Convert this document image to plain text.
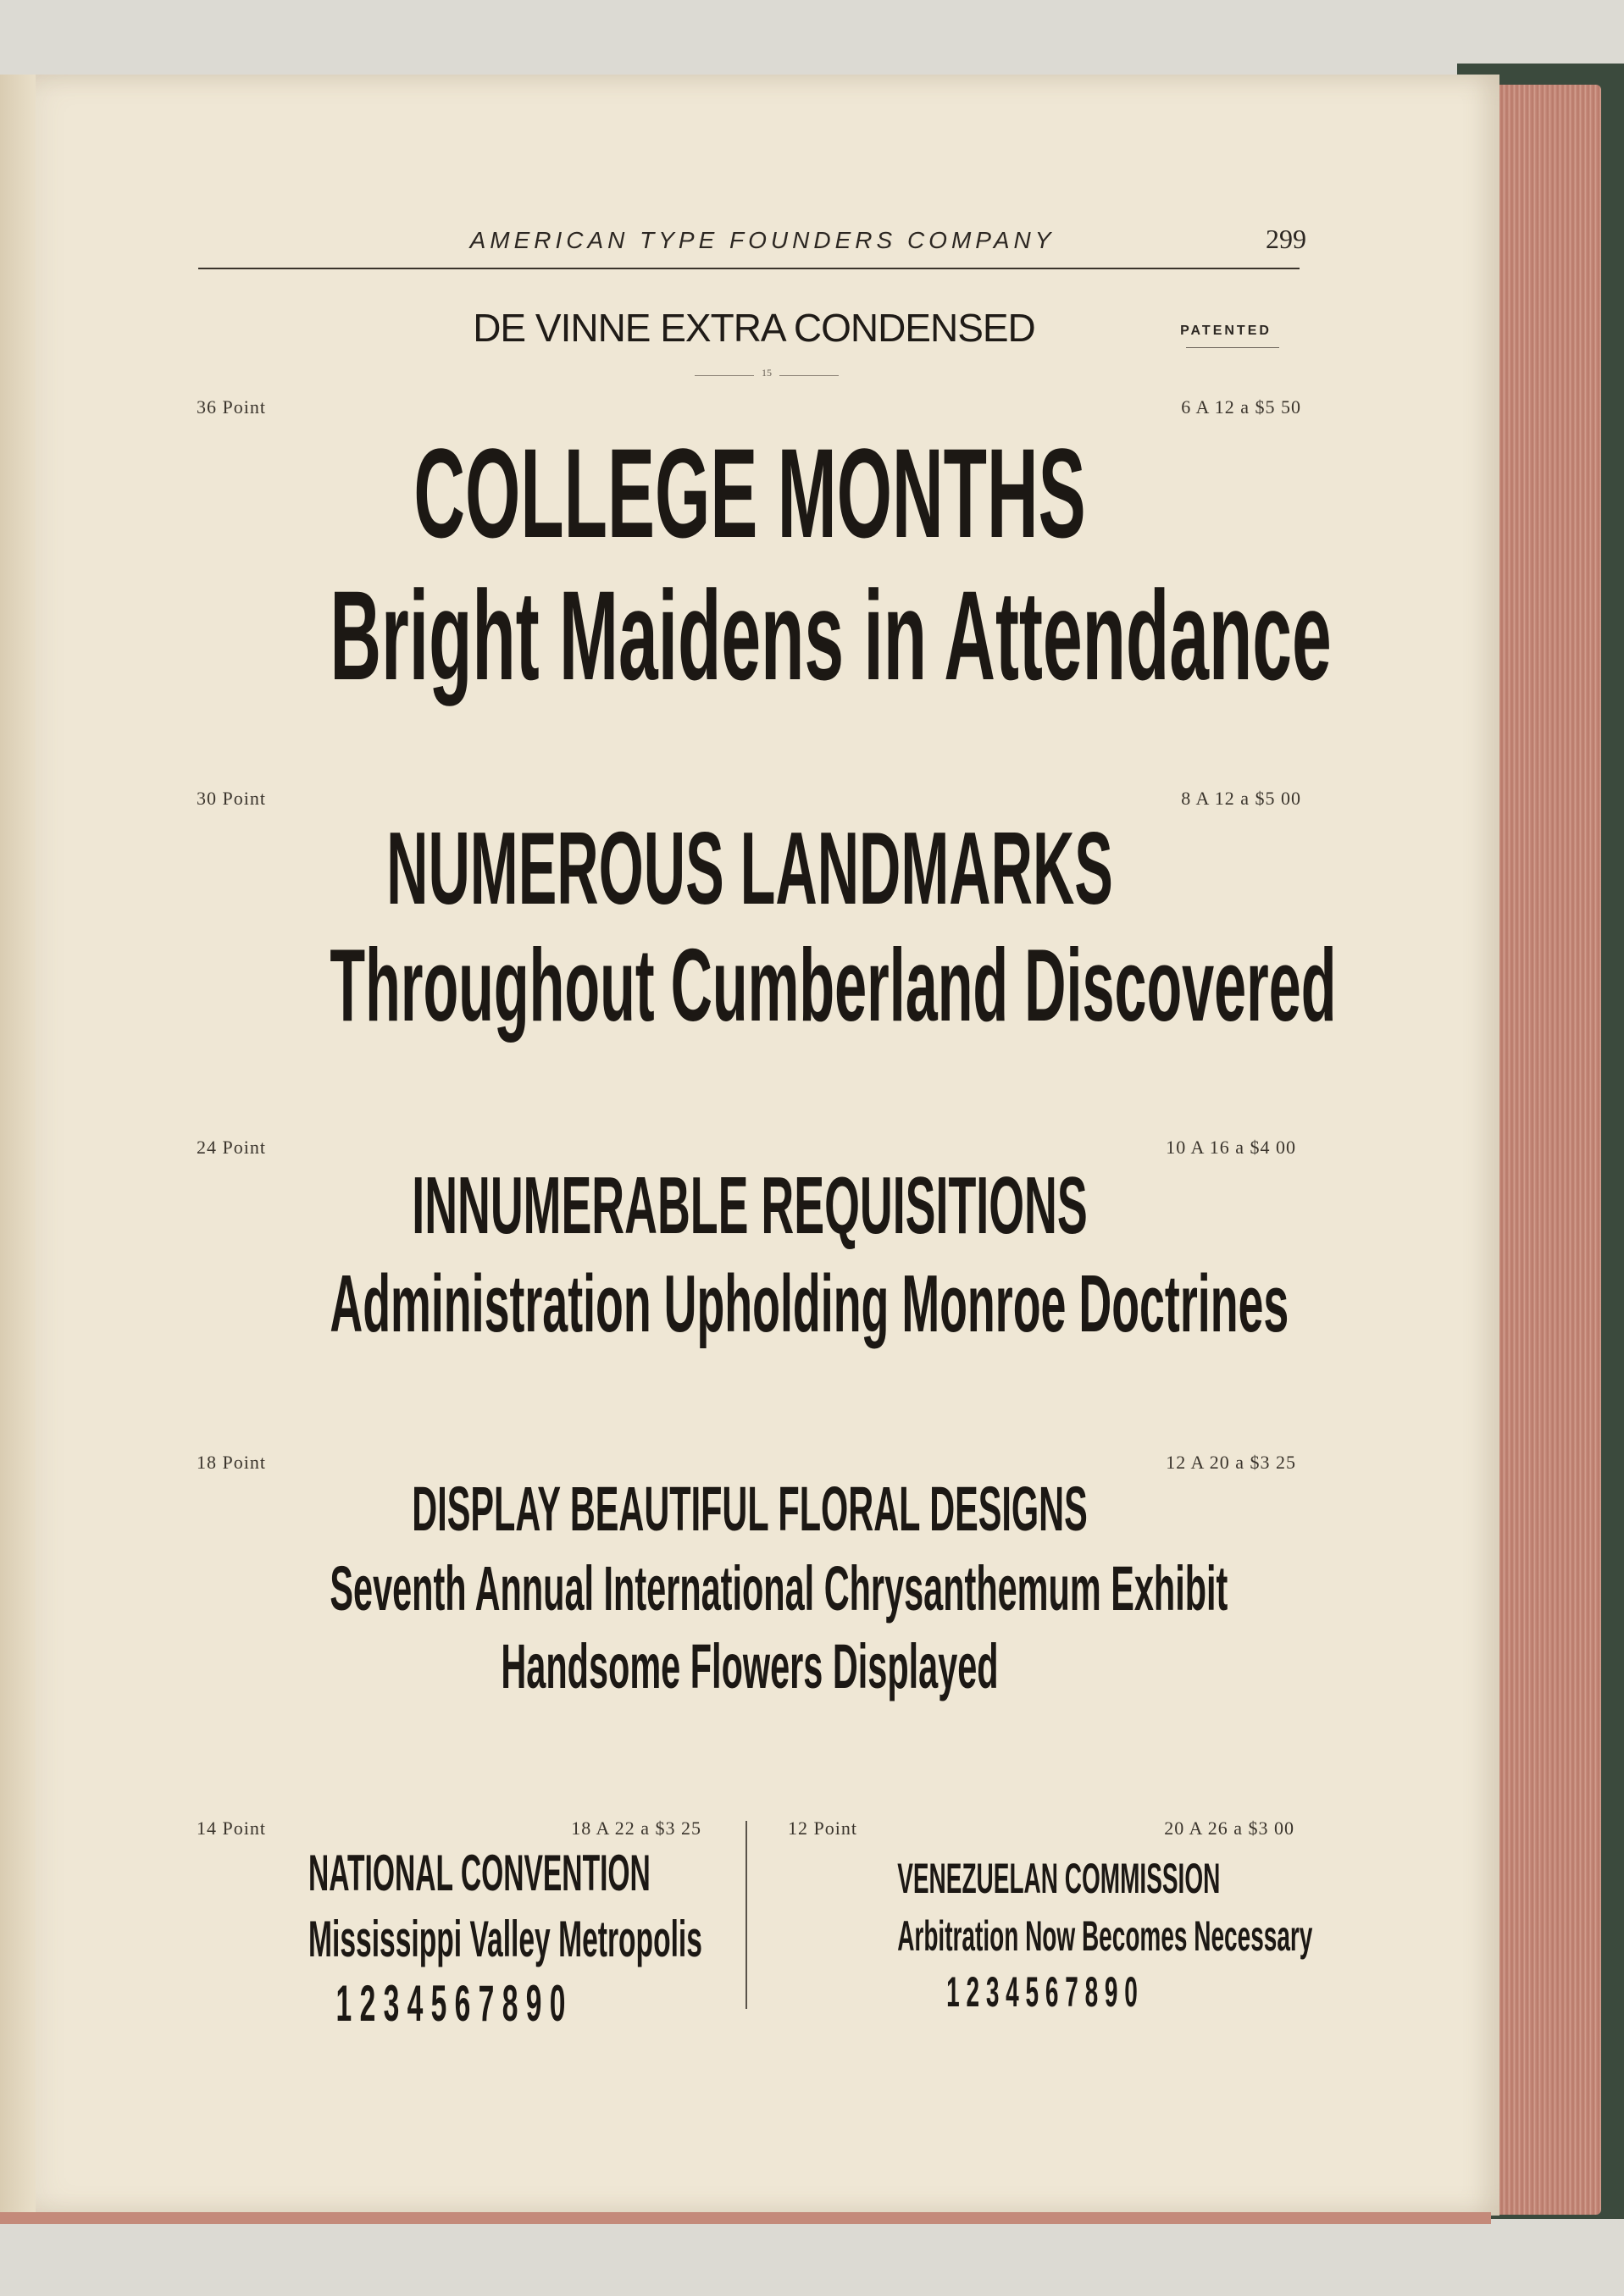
AMERICAN TYPE FOUNDERS COMPANY	299
DE VINNE EXTRA CONDENSED	PATENTED
15
36 Point	6 A 12 a $5 50
COLLEGE MONTHS
Bright Maidens in Attendance
30 Point	8 A 12 a $5 00
NUMEROUS LANDMARKS
Throughout Cumberland Discovered
24 Point	10 A 16 a $4 00
INNUMERABLE REQUISITIONS
Administration Upholding Monroe Doctrines
18 Point	12 A 20 a $3 25
DISPLAY BEAUTIFUL FLORAL DESIGNS
Seventh Annual International Chrysanthemum Exhibit
Handsome Flowers Displayed
14 Point	18 A 22 a $3 25
NATIONAL CONVENTION
Mississippi Valley Metropolis
1 2 3 4 5 6 7 8 9 0
12 Point	20 A 26 a $3 00
VENEZUELAN COMMISSION
Arbitration Now Becomes Necessary
1 2 3 4 5 6 7 8 9 0
